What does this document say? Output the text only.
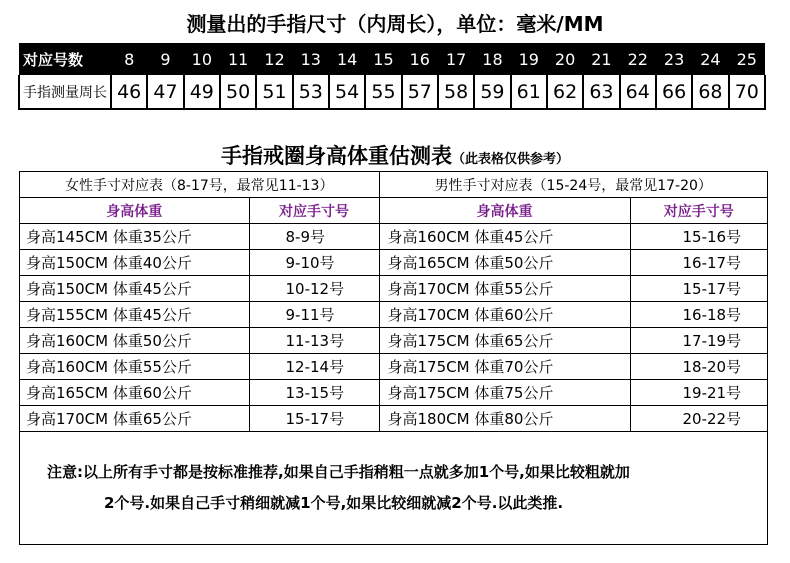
测量出的手指尺寸（内周长），单位：毫米/MM
对应号数	8	9	10	11	12	13	14	15	16	17	18	19	20	21	22	23	24	25
手指测量周长	46	47	49	50	51	53	54	55	57	58	59	61	62	63	64	66	68	70
手指戒圈身高体重估测表（此表格仅供参考）
女性手寸对应表（8-17号，最常见11-13）		男性手寸对应表（15-24号，最常见17-20）	
身高体重	对应手寸号	身高体重	对应手寸号
身高145CM 体重35公斤	8-9号	身高160CM 体重45公斤	15-16号
身高150CM 体重40公斤	9-10号	身高165CM 体重50公斤	16-17号
身高150CM 体重45公斤	10-12号	身高170CM 体重55公斤	15-17号
身高155CM 体重45公斤	9-11号	身高170CM 体重60公斤	16-18号
身高160CM 体重50公斤	11-13号	身高175CM 体重65公斤	17-19号
身高160CM 体重55公斤	12-14号	身高175CM 体重70公斤	18-20号
身高165CM 体重60公斤	13-15号	身高175CM 体重75公斤	19-21号
身高170CM 体重65公斤	15-17号	身高180CM 体重80公斤	20-22号
注意:以上所有手寸都是按标准推荐,如果自己手指稍粗一点就多加1个号,如果比较粗就加
2个号.如果自己手寸稍细就减1个号,如果比较细就减2个号.以此类推.
